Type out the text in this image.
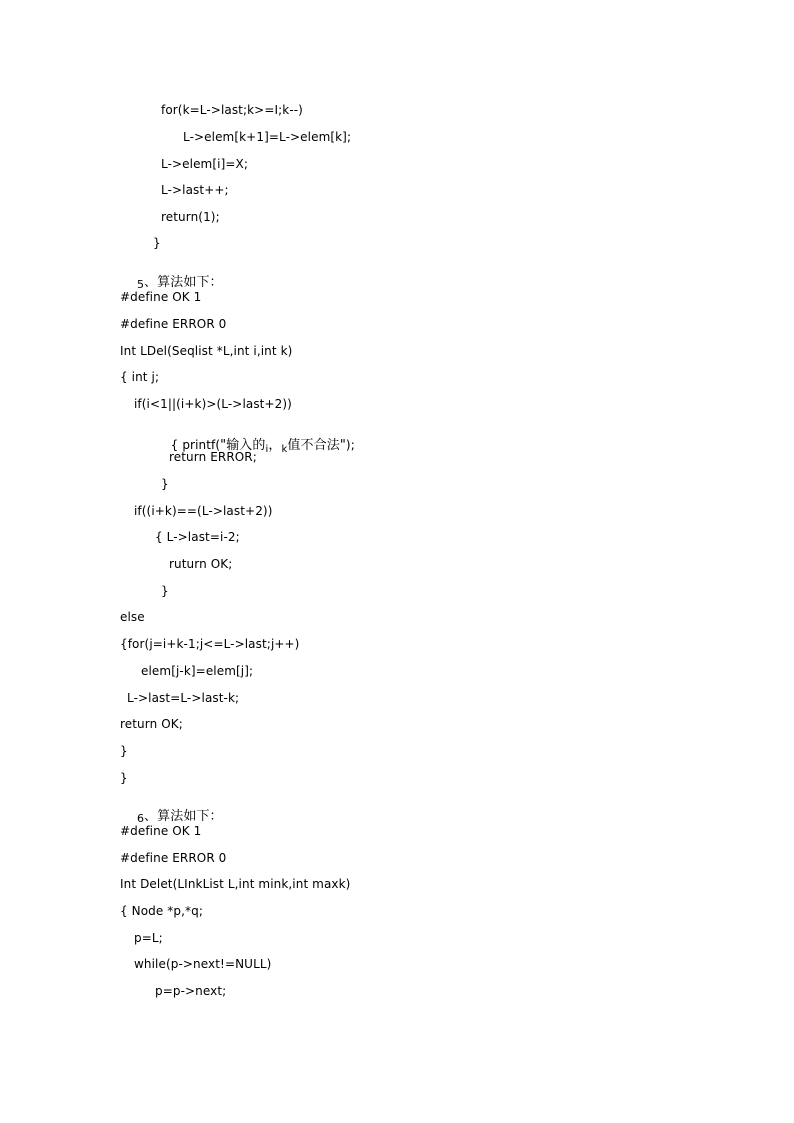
for(k=L->last;k>=I;k--)
L->elem[k+1]=L->elem[k];
L->elem[i]=X;
L->last++;
return(1);
}

5、算法如下：

#define OK 1
#define ERROR 0
Int LDel(Seqlist *L,int i,int k)
{ int j;
if(i<1||(i+k)>(L->last+2))

{ printf("输入的$_i$，$_k$值不合法");

return ERROR;
}
if((i+k)==(L->last+2))
{ L->last=i-2;
ruturn OK;
}
else
{for(j=i+k-1;j<=L->last;j++)
elem[j-k]=elem[j];
L->last=L->last-k;
return OK;
}
}

6、算法如下：

#define OK 1
#define ERROR 0
Int Delet(LInkList L,int mink,int maxk)
{ Node *p,*q;
p=L;
while(p->next!=NULL)
p=p->next;
